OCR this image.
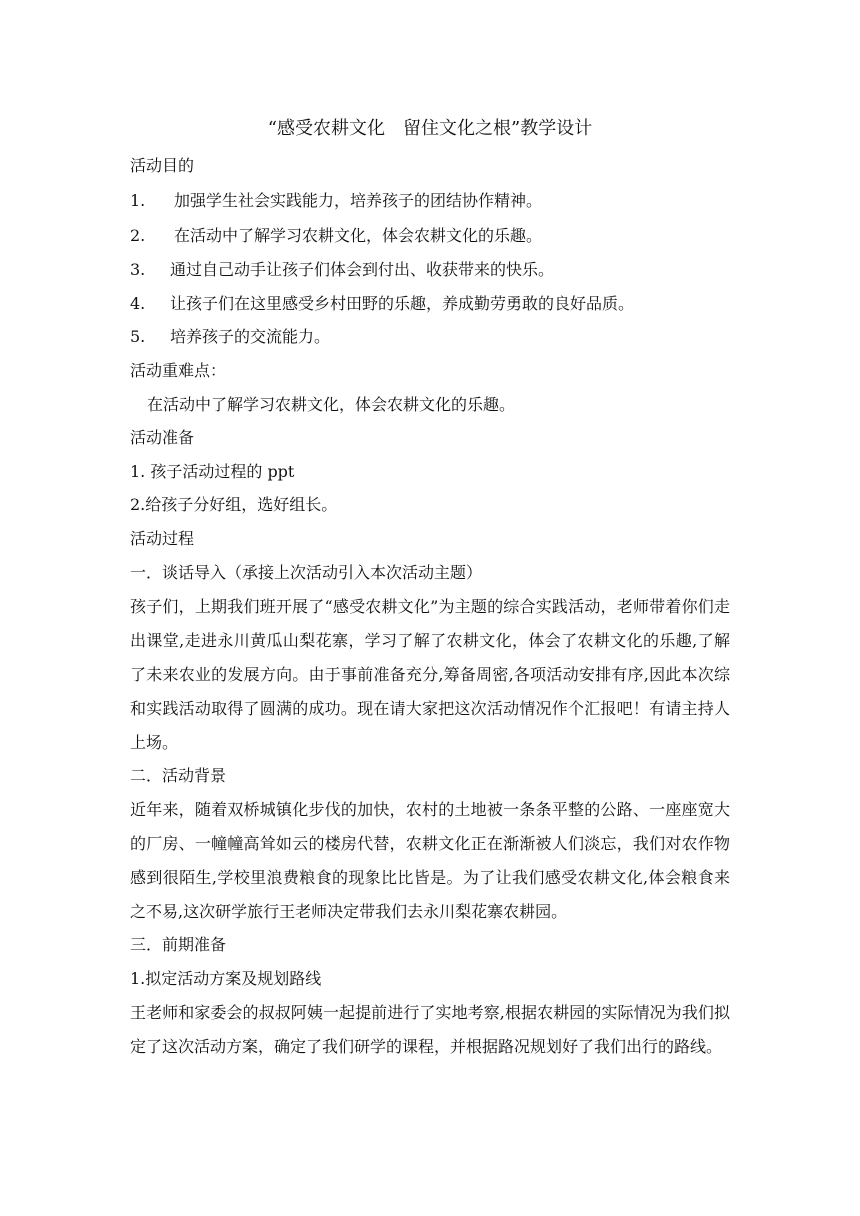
“感受农耕文化　留住文化之根”教学设计
活动目的
1. 加强学生社会实践能力，培养孩子的团结协作精神。
2. 在活动中了解学习农耕文化，体会农耕文化的乐趣。
3. 通过自己动手让孩子们体会到付出、收获带来的快乐。
4. 让孩子们在这里感受乡村田野的乐趣，养成勤劳勇敢的良好品质。
5. 培养孩子的交流能力。
活动重难点：
在活动中了解学习农耕文化，体会农耕文化的乐趣。
活动准备
1. 孩子活动过程的 ppt
2.给孩子分好组，选好组长。
活动过程
一．谈话导入（承接上次活动引入本次活动主题）
孩子们，上期我们班开展了“感受农耕文化”为主题的综合实践活动，老师带着你们走出课堂,走进永川黄瓜山梨花寨，学习了解了农耕文化，体会了农耕文化的乐趣,了解了未来农业的发展方向。由于事前准备充分,筹备周密,各项活动安排有序,因此本次综和实践活动取得了圆满的成功。现在请大家把这次活动情况作个汇报吧！有请主持人上场。
二．活动背景
近年来，随着双桥城镇化步伐的加快，农村的土地被一条条平整的公路、一座座宽大的厂房、一幢幢高耸如云的楼房代替，农耕文化正在渐渐被人们淡忘，我们对农作物感到很陌生,学校里浪费粮食的现象比比皆是。为了让我们感受农耕文化,体会粮食来之不易,这次研学旅行王老师决定带我们去永川梨花寨农耕园。
三．前期准备
1.拟定活动方案及规划路线
王老师和家委会的叔叔阿姨一起提前进行了实地考察,根据农耕园的实际情况为我们拟定了这次活动方案，确定了我们研学的课程，并根据路况规划好了我们出行的路线。
